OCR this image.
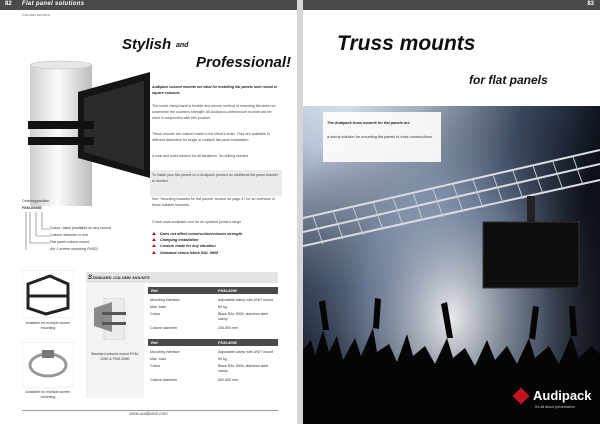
82 Flat panel solutions
Column mounts
Stylish and
Professional!
Audipack column mounts are ideal for installing flat panels onto round or square columns.
The metal clamp band is flexible and secure method of mounting flat does not undermine the column's strength. All Audipack Lektrikmount mounts can be used in conjunction with this product.
These mounts are custom made to the client's order. They are available in different diameters for single or multiple flat panel installation.
A neat and solid solution for all situations. No drilling needed.
To install your flat panels on a Audipack product an additional flat panel bracket is needed.
See "Mounting brackets for flat panels" section on page 67 for an overview of these suitable brackets.
Check www.audipack.com for an updated product range
Does not affect construction/column strength
Clamping installation
Custom made for any situation
Standard colour black RAL 9005
Ordering/position
FKM-0000B
Colour: black (available on any colour)
Column diameter in mm
Flat panel column mount
(for 2 screen mounting FKM2)
Available for multiple screen mounting
Available for multiple screen mounting
Standard column mounts
Standard column mount FKM-2050 & FKM-5080
Ref.	FKM-2050
Mounting interface	Adjustable clamp with UNIT mount
Max. load	60 kg
Colour	Black RAL 9005, stainless steel clamp
Column diameter	200-500 mm
Ref.	FKM-5080
Mounting interface	Adjustable clamp with UNIT mount
Max. load	60 kg
Colour	Black RAL 9005, stainless steel clamp
Column diameter	500-800 mm
www.audipack.com
83
Truss mounts
for flat panels
The Audipack truss mounts for flat panels are
a sturdy solution for mounting flat panels to truss constructions.
Audipack
It's all about presentation
